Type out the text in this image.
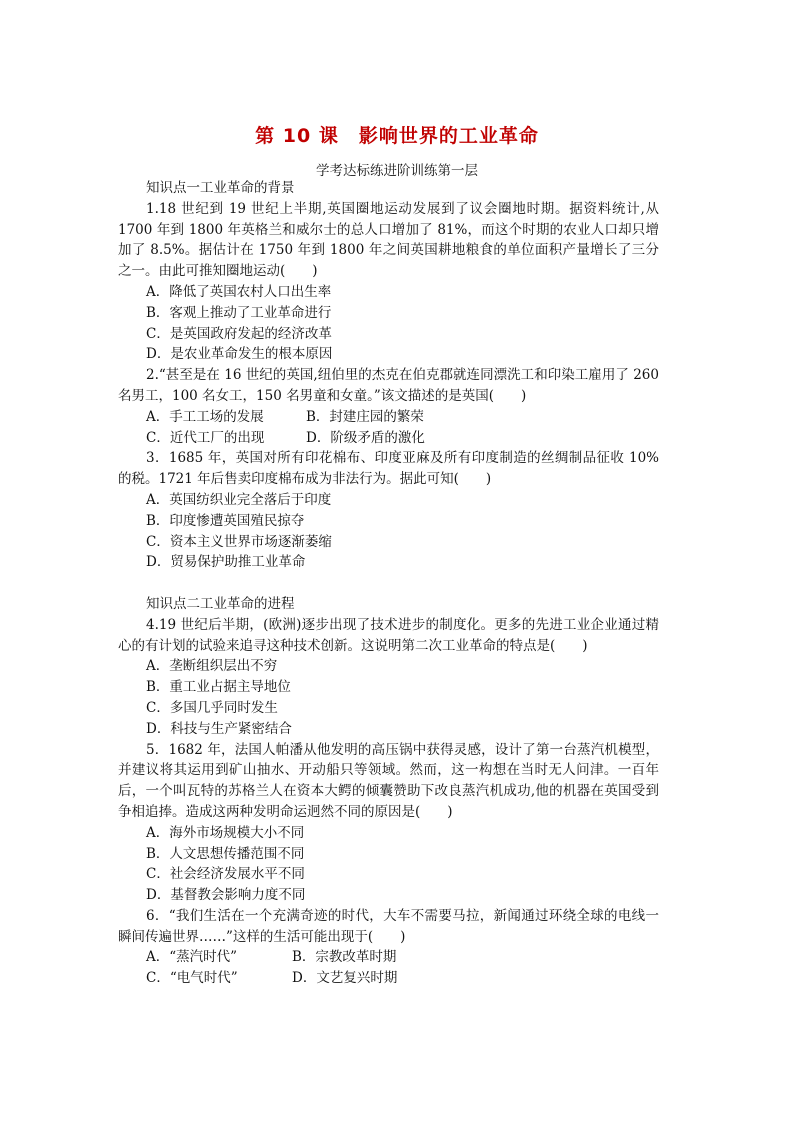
第 10 课　影响世界的工业革命
学考达标练进阶训练第一层
知识点一工业革命的背景

1.18 世纪到 19 世纪上半期,英国圈地运动发展到了议会圈地时期。据资料统计,从 1700 年到 1800 年英格兰和威尔士的总人口增加了 81%，而这个时期的农业人口却只增加了 8.5%。据估计在 1750 年到 1800 年之间英国耕地粮食的单位面积产量增长了三分之一。由此可推知圈地运动(　　)

A．降低了英国农村人口出生率
B．客观上推动了工业革命进行
C．是英国政府发起的经济改革
D．是农业革命发生的根本原因

2.“甚至是在 16 世纪的英国,纽伯里的杰克在伯克郡就连同漂洗工和印染工雇用了 260 名男工，100 名女工，150 名男童和女童。”该文描述的是英国(　　)

A．手工工场的发展	B．封建庄园的繁荣
C．近代工厂的出现	D．阶级矛盾的激化

3．1685 年，英国对所有印花棉布、印度亚麻及所有印度制造的丝绸制品征收 10%的税。1721 年后售卖印度棉布成为非法行为。据此可知(　　)

A．英国纺织业完全落后于印度
B．印度惨遭英国殖民掠夺
C．资本主义世界市场逐渐萎缩
D．贸易保护助推工业革命
知识点二工业革命的进程

4.19 世纪后半期，(欧洲)逐步出现了技术进步的制度化。更多的先进工业企业通过精心的有计划的试验来追寻这种技术创新。这说明第二次工业革命的特点是(　　)

A．垄断组织层出不穷
B．重工业占据主导地位
C．多国几乎同时发生
D．科技与生产紧密结合

5．1682 年，法国人帕潘从他发明的高压锅中获得灵感，设计了第一台蒸汽机模型，并建议将其运用到矿山抽水、开动船只等领域。然而，这一构想在当时无人问津。一百年后，一个叫瓦特的苏格兰人在资本大鳄的倾囊赞助下改良蒸汽机成功,他的机器在英国受到争相追捧。造成这两种发明命运迥然不同的原因是(　　)

A．海外市场规模大小不同
B．人文思想传播范围不同
C．社会经济发展水平不同
D．基督教会影响力度不同

6．“我们生活在一个充满奇迹的时代，大车不需要马拉，新闻通过环绕全球的电线一瞬间传遍世界……”这样的生活可能出现于(　　)

A．“蒸汽时代”	B．宗教改革时期
C．“电气时代”	D．文艺复兴时期
